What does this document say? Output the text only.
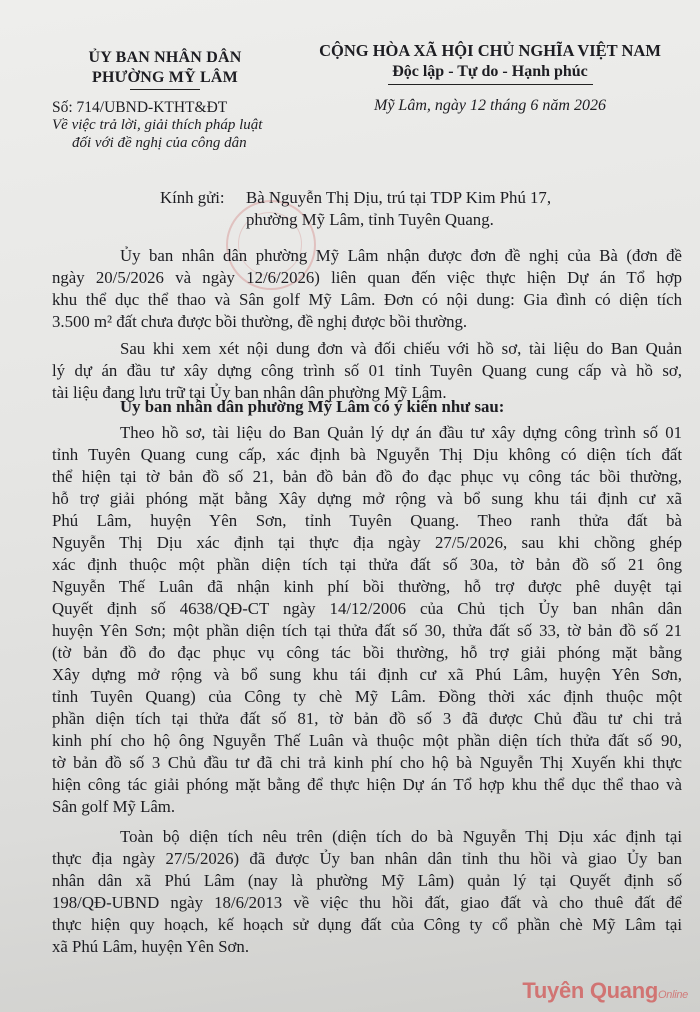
ỦY BAN NHÂN DÂN
PHƯỜNG MỸ LÂM
Số: 714/UBND-KTHT&ĐT
Về việc trả lời, giải thích pháp luật
đối với đề nghị của công dân
CỘNG HÒA XÃ HỘI CHỦ NGHĨA VIỆT NAM
Độc lập - Tự do - Hạnh phúc
Mỹ Lâm, ngày 12 tháng 6 năm 2026
Kính gửi: Bà Nguyễn Thị Dịu, trú tại TDP Kim Phú 17,
phường Mỹ Lâm, tỉnh Tuyên Quang.
Ủy ban nhân dân phường Mỹ Lâm nhận được đơn đề nghị của Bà (đơn đề
ngày 20/5/2026 và ngày 12/6/2026) liên quan đến việc thực hiện Dự án Tổ hợp
khu thể dục thể thao và Sân golf Mỹ Lâm. Đơn có nội dung: Gia đình có diện tích
3.500 m² đất chưa được bồi thường, đề nghị được bồi thường.
Sau khi xem xét nội dung đơn và đối chiếu với hồ sơ, tài liệu do Ban Quản
lý dự án đầu tư xây dựng công trình số 01 tỉnh Tuyên Quang cung cấp và hồ sơ,
tài liệu đang lưu trữ tại Ủy ban nhân dân phường Mỹ Lâm.
Ủy ban nhân dân phường Mỹ Lâm có ý kiến như sau:
Theo hồ sơ, tài liệu do Ban Quản lý dự án đầu tư xây dựng công trình số 01
tỉnh Tuyên Quang cung cấp, xác định bà Nguyễn Thị Dịu không có diện tích đất
thể hiện tại tờ bản đồ số 21, bản đồ bản đồ đo đạc phục vụ công tác bồi thường,
hỗ trợ giải phóng mặt bằng Xây dựng mở rộng và bổ sung khu tái định cư xã
Phú Lâm, huyện Yên Sơn, tỉnh Tuyên Quang. Theo ranh thửa đất bà
Nguyễn Thị Dịu xác định tại thực địa ngày 27/5/2026, sau khi chồng ghép
xác định thuộc một phần diện tích tại thửa đất số 30a, tờ bản đồ số 21 ông
Nguyễn Thế Luân đã nhận kinh phí bồi thường, hỗ trợ được phê duyệt tại
Quyết định số 4638/QĐ-CT ngày 14/12/2006 của Chủ tịch Ủy ban nhân dân
huyện Yên Sơn; một phần diện tích tại thửa đất số 30, thửa đất số 33, tờ bản đồ số 21
(tờ bản đồ đo đạc phục vụ công tác bồi thường, hỗ trợ giải phóng mặt bằng
Xây dựng mở rộng và bổ sung khu tái định cư xã Phú Lâm, huyện Yên Sơn,
tỉnh Tuyên Quang) của Công ty chè Mỹ Lâm. Đồng thời xác định thuộc một
phần diện tích tại thửa đất số 81, tờ bản đồ số 3 đã được Chủ đầu tư chi trả
kinh phí cho hộ ông Nguyễn Thế Luân và thuộc một phần diện tích thửa đất số 90,
tờ bản đồ số 3 Chủ đầu tư đã chi trả kinh phí cho hộ bà Nguyễn Thị Xuyến khi thực
hiện công tác giải phóng mặt bằng để thực hiện Dự án Tổ hợp khu thể dục thể thao và
Sân golf Mỹ Lâm.
Toàn bộ diện tích nêu trên (diện tích do bà Nguyễn Thị Dịu xác định tại
thực địa ngày 27/5/2026) đã được Ủy ban nhân dân tỉnh thu hồi và giao Ủy ban
nhân dân xã Phú Lâm (nay là phường Mỹ Lâm) quản lý tại Quyết định số
198/QĐ-UBND ngày 18/6/2013 về việc thu hồi đất, giao đất và cho thuê đất để
thực hiện quy hoạch, kế hoạch sử dụng đất của Công ty cổ phần chè Mỹ Lâm tại
xã Phú Lâm, huyện Yên Sơn.
Tuyên QuangOnline
